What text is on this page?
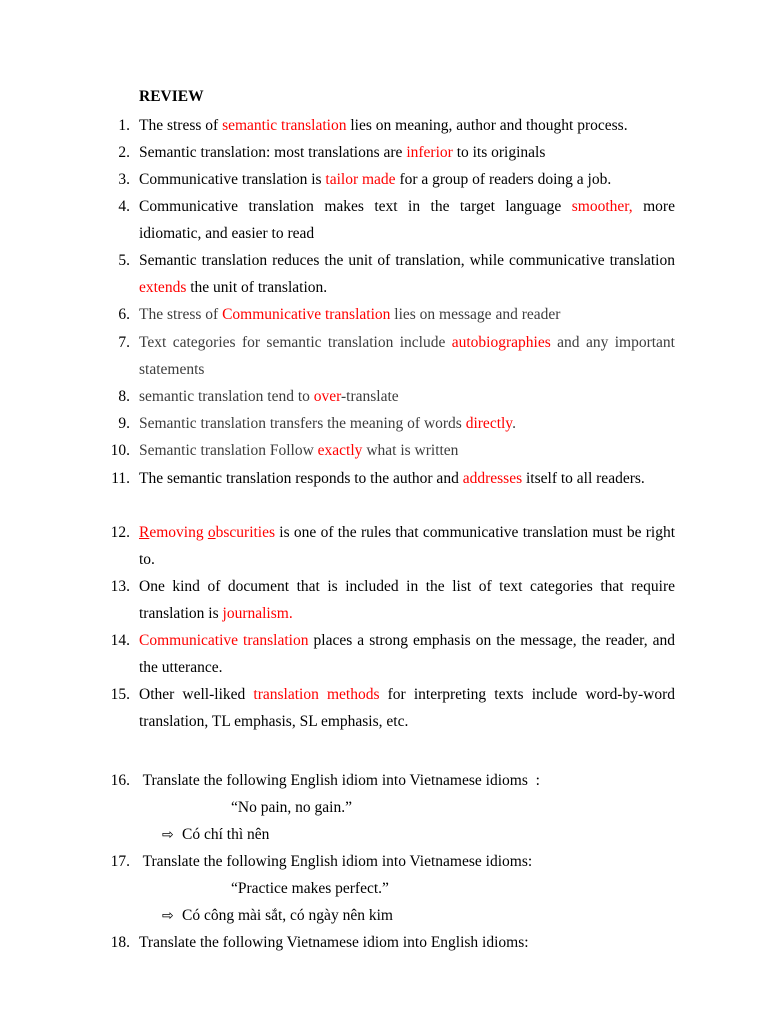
REVIEW
1. The stress of semantic translation lies on meaning, author and thought process.
2. Semantic translation: most translations are inferior to its originals
3. Communicative translation is tailor made for a group of readers doing a job.
4. Communicative translation makes text in the target language smoother, more idiomatic, and easier to read
5. Semantic translation reduces the unit of translation, while communicative translation extends the unit of translation.
6. The stress of Communicative translation lies on message and reader
7. Text categories for semantic translation include autobiographies and any important statements
8. semantic translation tend to over-translate
9. Semantic translation transfers the meaning of words directly.
10. Semantic translation Follow exactly what is written
11. The semantic translation responds to the author and addresses itself to all readers.
12. Removing obscurities is one of the rules that communicative translation must be right to.
13. One kind of document that is included in the list of text categories that require translation is journalism.
14. Communicative translation places a strong emphasis on the message, the reader, and the utterance.
15. Other well-liked translation methods for interpreting texts include word-by-word translation, TL emphasis, SL emphasis, etc.
16. Translate the following English idiom into Vietnamese idioms  :
“No pain, no gain.”
⇨ Có chí thì nên
17. Translate the following English idiom into Vietnamese idioms:
“Practice makes perfect.”
⇨ Có công mài sắt, có ngày nên kim
18. Translate the following Vietnamese idiom into English idioms:
